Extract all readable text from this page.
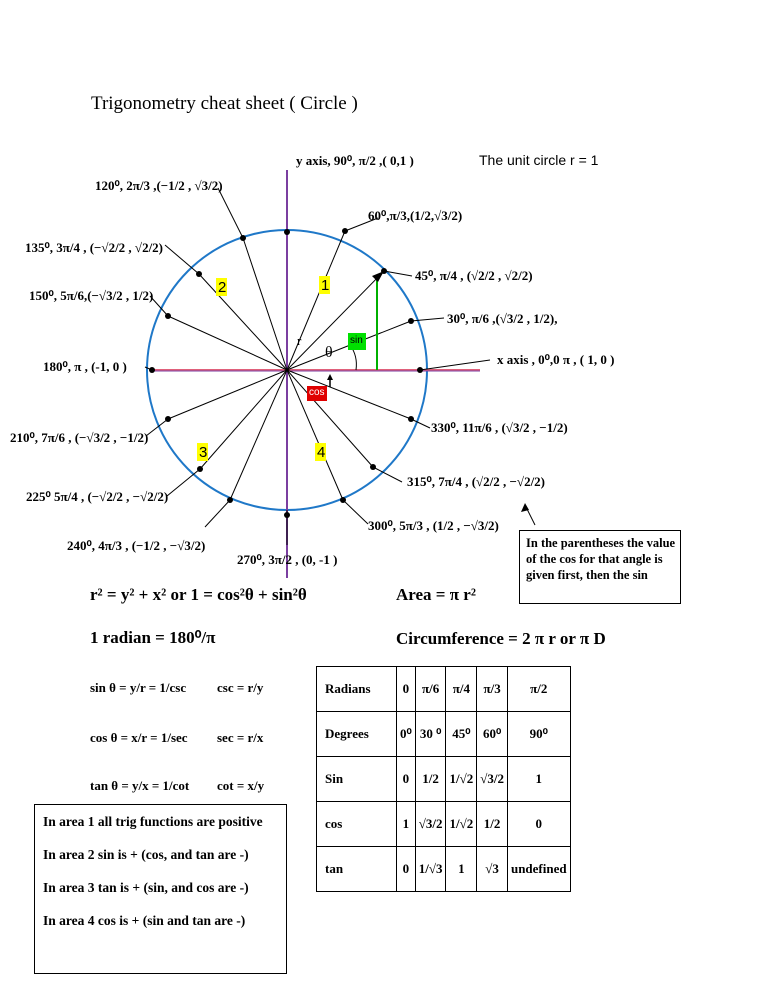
Trigonometry cheat sheet ( Circle )
1
2
3	4
r
θ
sin
cos
y axis, 90⁰, π/2 ,( 0,1 )	The unit circle r = 1
x axis , 0⁰,0 π , ( 1, 0 )
120⁰, 2π/3 ,(−1/2 , √3/2)
60⁰,π/3,(1/2,√3/2)
135⁰, 3π/4 , (−√2/2 , √2/2)
45⁰, π/4 , (√2/2 , √2/2)
150⁰, 5π/6,(−√3/2 , 1/2)
30⁰, π/6 ,(√3/2 , 1/2),
180⁰, π , (-1, 0 )
210⁰, 7π/6 , (−√3/2 , −1/2)
330⁰, 11π/6 , (√3/2 , −1/2)
225⁰ 5π/4 , (−√2/2 , −√2/2)
315⁰, 7π/4 , (√2/2 , −√2/2)
240⁰, 4π/3 , (−1/2 , −√3/2)
300⁰, 5π/3 , (1/2 , −√3/2)
270⁰, 3π/2 , (0, -1 )
In the parentheses the value of the cos for that angle is given first, then the sin
r² = y² + x² or 1 = cos²θ + sin²θ	Area = π r²
1 radian = 180⁰/π	Circumference = 2 π r or π D
sin θ = y/r = 1/csc csc = r/y
cos θ = x/r = 1/sec sec = r/x
tan θ = y/x = 1/cot cot = x/y

In area 1 all trig functions are positive

In area 2 sin is + (cos, and tan are -)

In area 3 tan is + (sin, and cos are -)

In area 4 cos is + (sin and tan are -)

Radians	0	π/6	π/4	π/3	π/2
Degrees	0⁰	30 ⁰	45⁰	60⁰	90⁰
Sin	0	1/2	1/√2	√3/2	1
cos	1	√3/2	1/√2	1/2	0
tan	0	1/√3	1	√3	undefined
